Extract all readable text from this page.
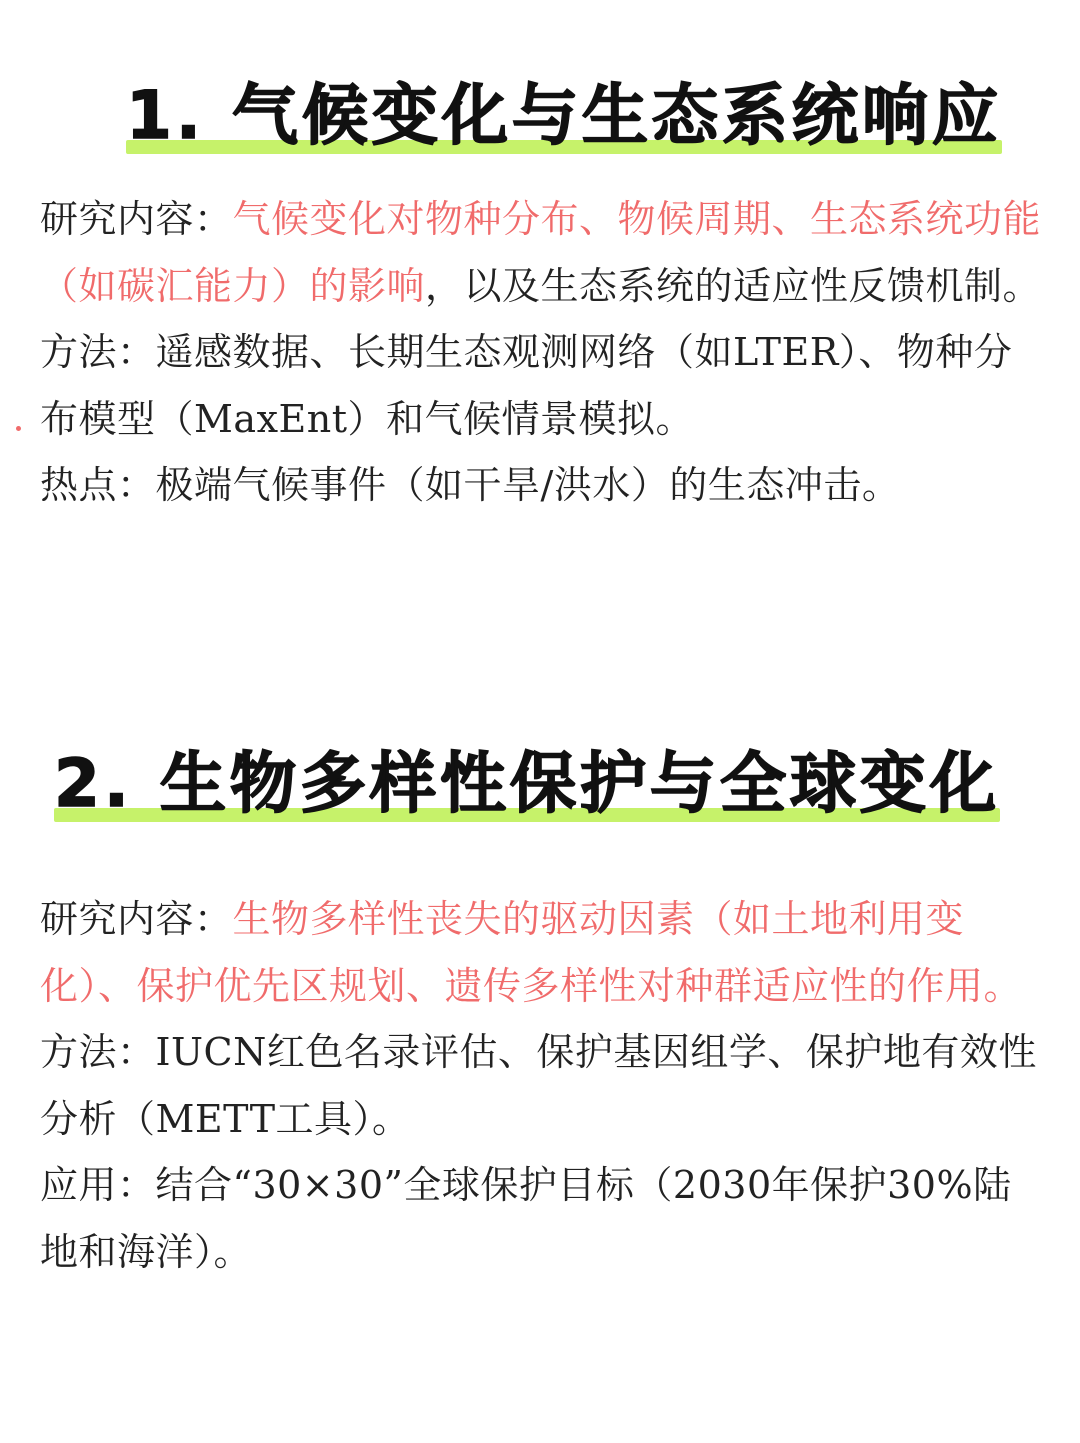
1. 气候变化与生态系统响应

研究内容：气候变化对物种分布、物候周期、生态系统功能（如碳汇能力）的影响，以及生态系统的适应性反馈机制。

方法：遥感数据、长期生态观测网络（如LTER）、物种分布模型（MaxEnt）和气候情景模拟。

热点：极端气候事件（如干旱/洪水）的生态冲击。

2. 生物多样性保护与全球变化

研究内容：生物多样性丧失的驱动因素（如土地利用变化）、保护优先区规划、遗传多样性对种群适应性的作用。

方法：IUCN红色名录评估、保护基因组学、保护地有效性分析（METT工具）。

应用：结合“30×30”全球保护目标（2030年保护30%陆地和海洋）。
